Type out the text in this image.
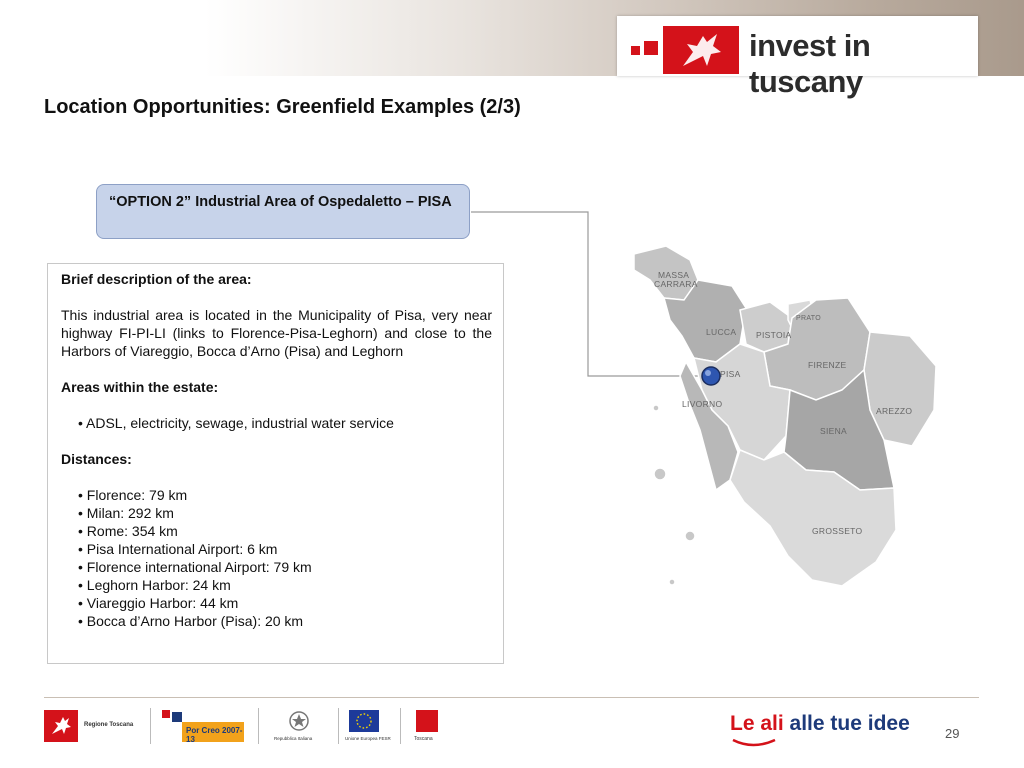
invest in tuscany
Location Opportunities: Greenfield Examples (2/3)
“OPTION 2” Industrial Area of Ospedaletto – PISA

Brief description of the area:

This industrial area is located in the Municipality of Pisa, very near highway FI-PI-LI (links to Florence-Pisa-Leghorn) and close to the Harbors of Viareggio, Bocca d’Arno (Pisa) and Leghorn

Areas within the estate:

• ADSL, electricity, sewage, industrial water service

Distances:

• Florence: 79 km

• Milan: 292 km

• Rome: 354 km

• Pisa International Airport: 6 km

• Florence international Airport: 79 km

• Leghorn Harbor: 24 km

• Viareggio Harbor: 44 km

• Bocca d’Arno Harbor (Pisa): 20 km

MASSA
CARRARA
LUCCA PISTOIA
PRATO
FIRENZE
PISA
LIVORNO
AREZZO
SIENA
GROSSETO
Regione Toscana
Por Creo 2007-13	Repubblica Italiana	Unione Europea FESR	Toscana
Le ali alle tue idee	29
